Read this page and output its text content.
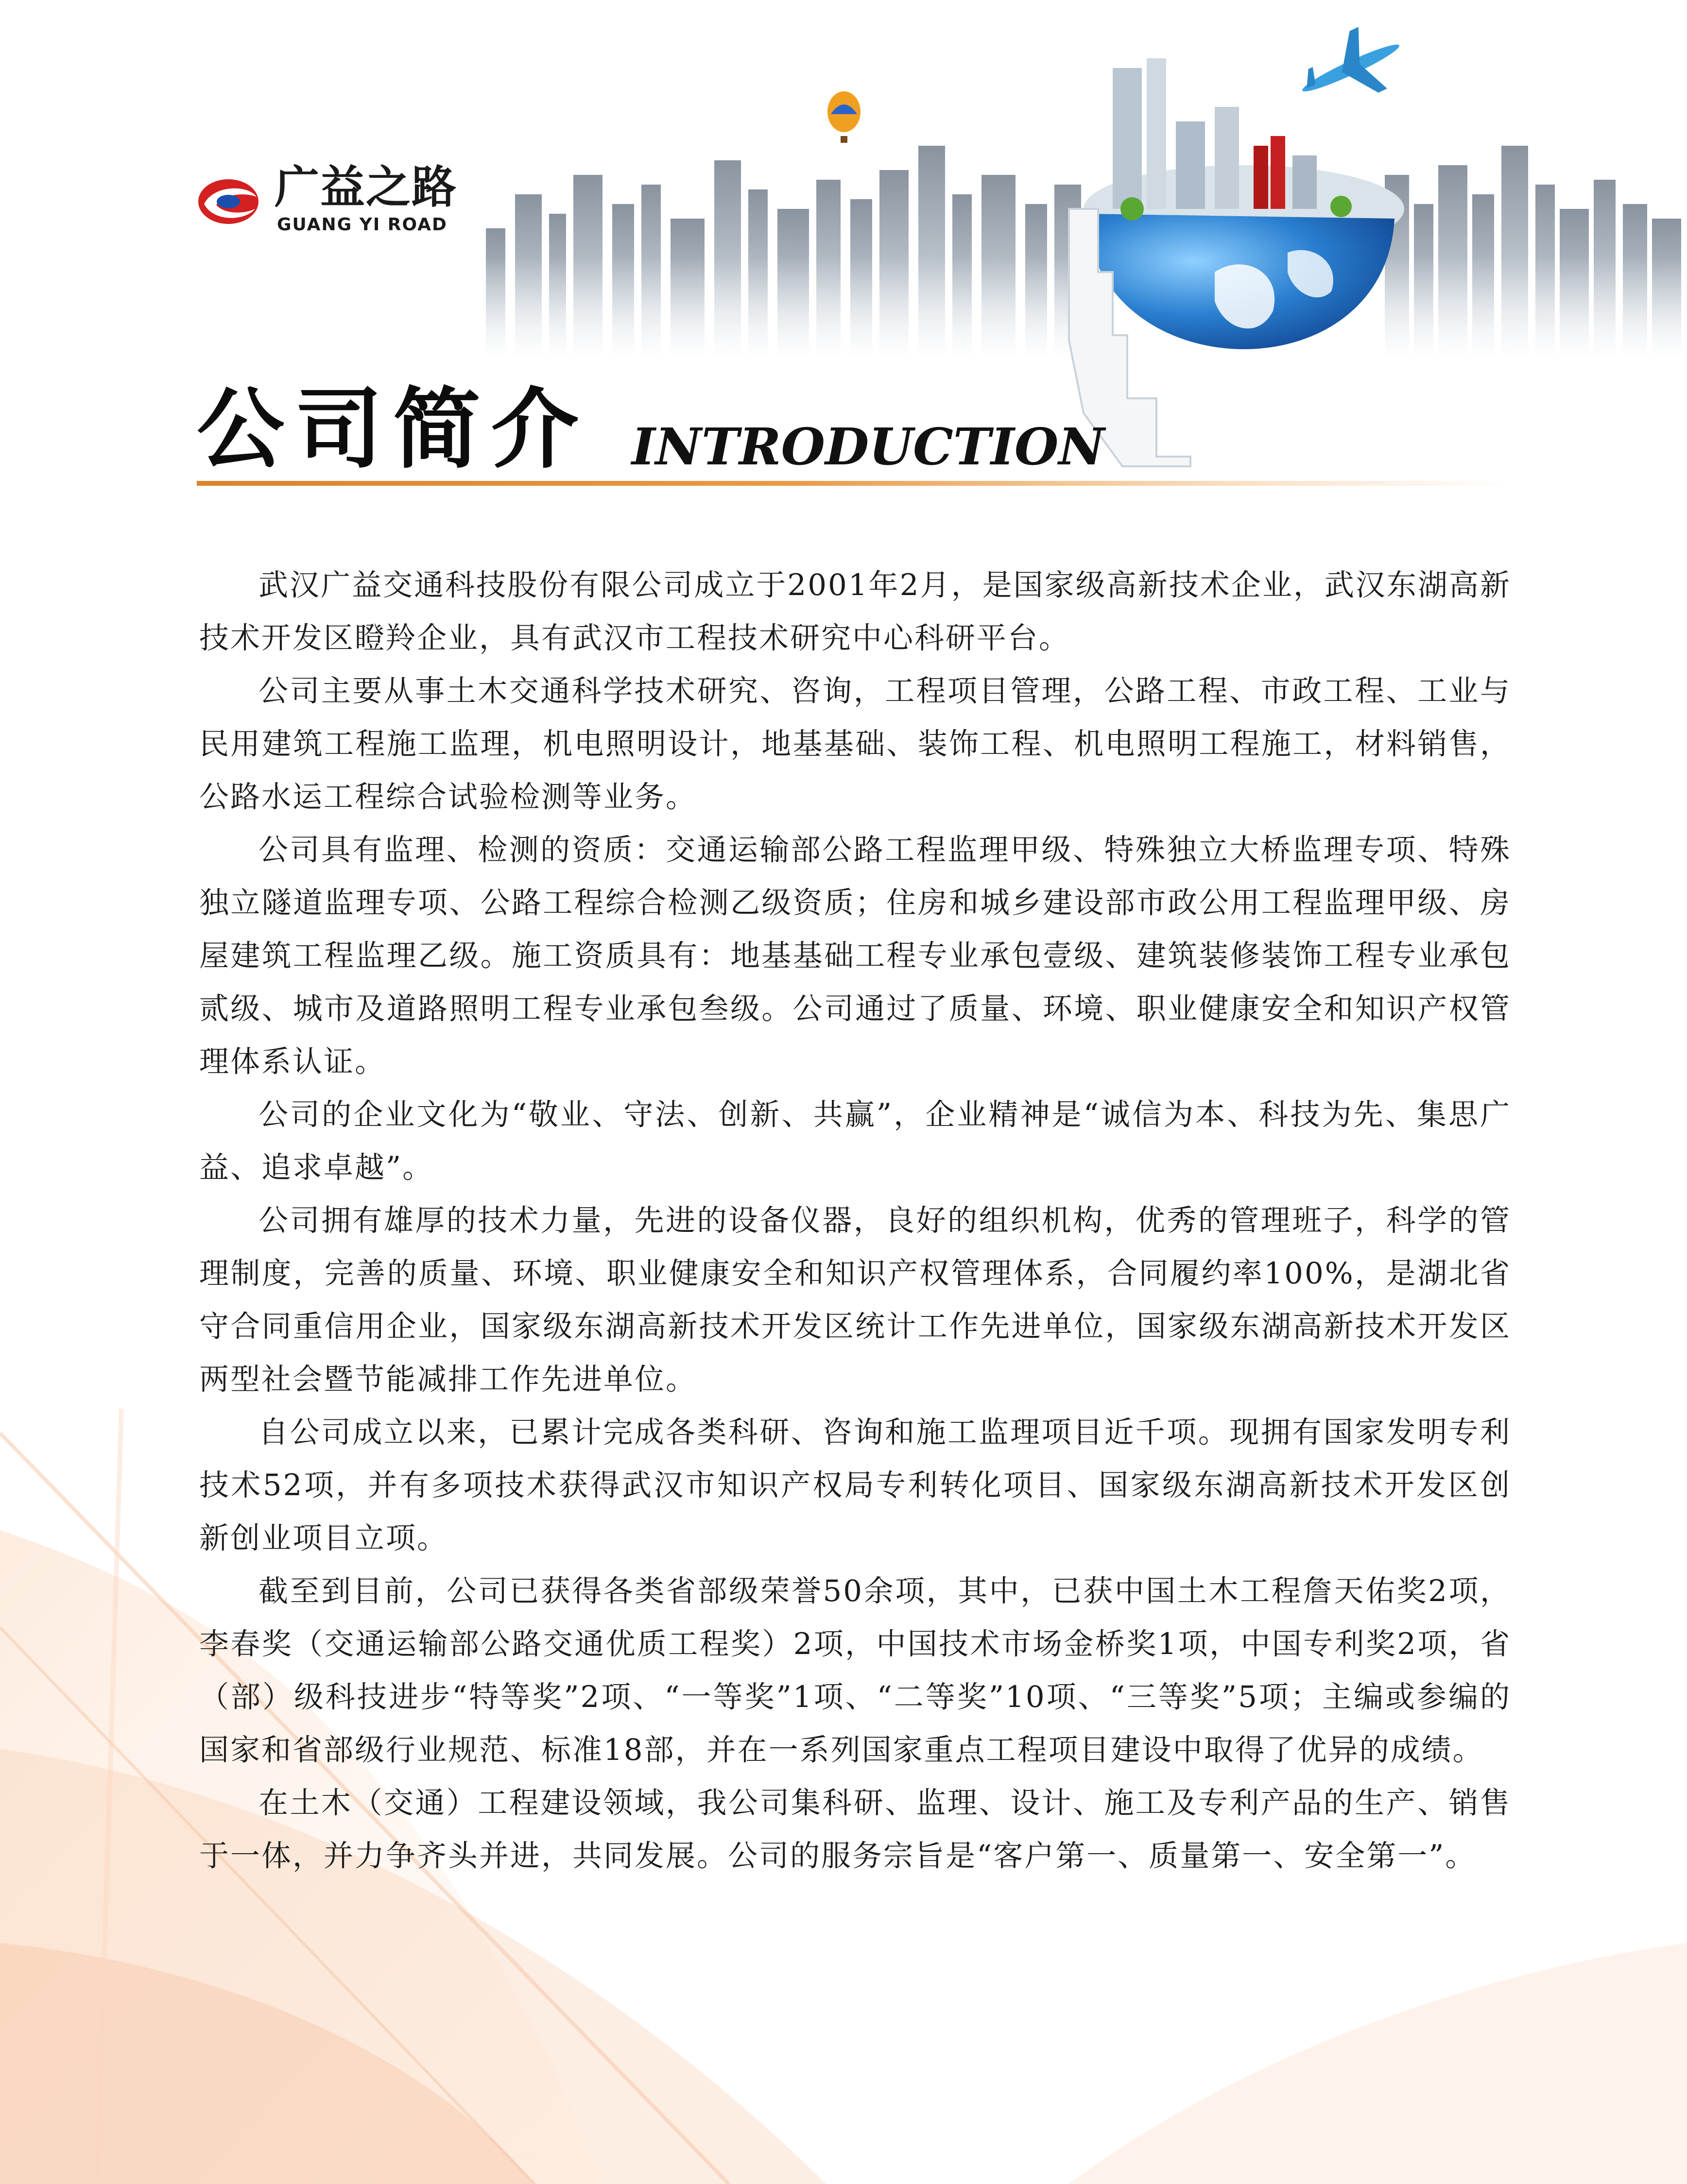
广益之路
GUANG YI ROAD
公司简介 INTRODUCTION

武汉广益交通科技股份有限公司成立于2001年2月，是国家级高新技术企业，武汉东湖高新技术开发区瞪羚企业，具有武汉市工程技术研究中心科研平台。

公司主要从事土木交通科学技术研究、咨询，工程项目管理，公路工程、市政工程、工业与民用建筑工程施工监理，机电照明设计，地基基础、装饰工程、机电照明工程施工，材料销售，公路水运工程综合试验检测等业务。

公司具有监理、检测的资质：交通运输部公路工程监理甲级、特殊独立大桥监理专项、特殊独立隧道监理专项、公路工程综合检测乙级资质；住房和城乡建设部市政公用工程监理甲级、房屋建筑工程监理乙级。施工资质具有：地基基础工程专业承包壹级、建筑装修装饰工程专业承包贰级、城市及道路照明工程专业承包叁级。公司通过了质量、环境、职业健康安全和知识产权管理体系认证。

公司的企业文化为“敬业、守法、创新、共赢”，企业精神是“诚信为本、科技为先、集思广益、追求卓越”。

公司拥有雄厚的技术力量，先进的设备仪器，良好的组织机构，优秀的管理班子，科学的管理制度，完善的质量、环境、职业健康安全和知识产权管理体系，合同履约率100%，是湖北省守合同重信用企业，国家级东湖高新技术开发区统计工作先进单位，国家级东湖高新技术开发区两型社会暨节能减排工作先进单位。

自公司成立以来，已累计完成各类科研、咨询和施工监理项目近千项。现拥有国家发明专利技术52项，并有多项技术获得武汉市知识产权局专利转化项目、国家级东湖高新技术开发区创新创业项目立项。

截至到目前，公司已获得各类省部级荣誉50余项，其中，已获中国土木工程詹天佑奖2项，李春奖（交通运输部公路交通优质工程奖）2项，中国技术市场金桥奖1项，中国专利奖2项，省（部）级科技进步“特等奖”2项、“一等奖”1项、“二等奖”10项、“三等奖”5项；主编或参编的国家和省部级行业规范、标准18部，并在一系列国家重点工程项目建设中取得了优异的成绩。

在土木（交通）工程建设领域，我公司集科研、监理、设计、施工及专利产品的生产、销售于一体，并力争齐头并进，共同发展。公司的服务宗旨是“客户第一、质量第一、安全第一”。
